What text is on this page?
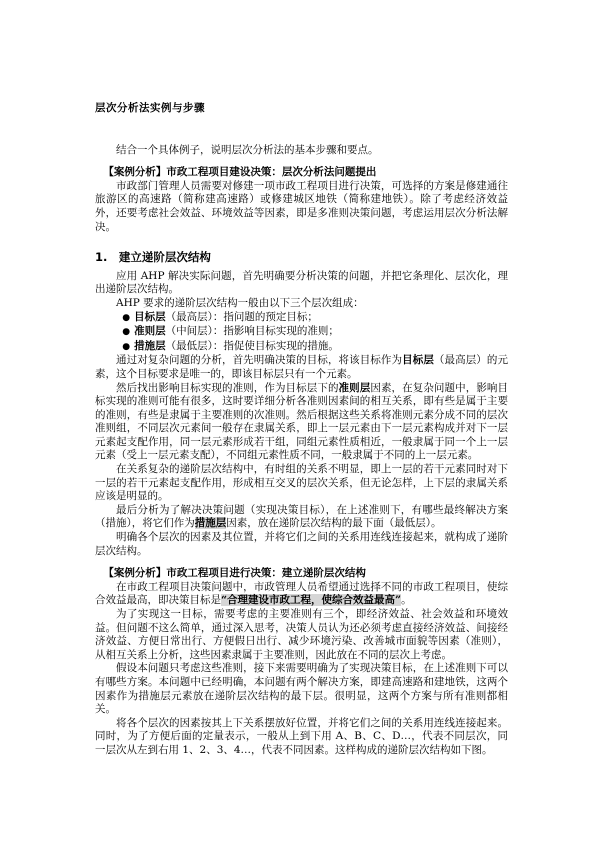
层次分析法实例与步骤
结合一个具体例子，说明层次分析法的基本步骤和要点。
【案例分析】市政工程项目建设决策：层次分析法问题提出
市政部门管理人员需要对修建一项市政工程项目进行决策，可选择的方案是修建通往旅游区的高速路（简称建高速路）或修建城区地铁（简称建地铁）。除了考虑经济效益外，还要考虑社会效益、环境效益等因素，即是多准则决策问题，考虑运用层次分析法解决。
1.　建立递阶层次结构
应用 AHP 解决实际问题，首先明确要分析决策的问题，并把它条理化、层次化，理出递阶层次结构。
AHP 要求的递阶层次结构一般由以下三个层次组成：
● 目标层（最高层）：指问题的预定目标；
● 准则层（中间层）：指影响目标实现的准则；
● 措施层（最低层）：指促使目标实现的措施。
通过对复杂问题的分析，首先明确决策的目标，将该目标作为目标层（最高层）的元素，这个目标要求是唯一的，即该目标层只有一个元素。
然后找出影响目标实现的准则，作为目标层下的准则层因素，在复杂问题中，影响目标实现的准则可能有很多，这时要详细分析各准则因素间的相互关系，即有些是属于主要的准则，有些是隶属于主要准则的次准则。然后根据这些关系将准则元素分成不同的层次准则组，不同层次元素间一般存在隶属关系，即上一层元素由下一层元素构成并对下一层元素起支配作用，同一层元素形成若干组，同组元素性质相近，一般隶属于同一个上一层元素（受上一层元素支配），不同组元素性质不同，一般隶属于不同的上一层元素。
在关系复杂的递阶层次结构中，有时组的关系不明显，即上一层的若干元素同时对下一层的若干元素起支配作用，形成相互交叉的层次关系，但无论怎样，上下层的隶属关系应该是明显的。
最后分析为了解决决策问题（实现决策目标），在上述准则下，有哪些最终解决方案（措施），将它们作为措施层因素，放在递阶层次结构的最下面（最低层）。
明确各个层次的因素及其位置，并将它们之间的关系用连线连接起来，就构成了递阶层次结构。
【案例分析】市政工程项目进行决策：建立递阶层次结构
在市政工程项目决策问题中，市政管理人员希望通过选择不同的市政工程项目，使综合效益最高，即决策目标是“合理建设市政工程，使综合效益最高”。
为了实现这一目标，需要考虑的主要准则有三个，即经济效益、社会效益和环境效益。但问题不这么简单，通过深入思考，决策人员认为还必须考虑直接经济效益、间接经济效益、方便日常出行、方便假日出行、减少环境污染、改善城市面貌等因素（准则），从相互关系上分析，这些因素隶属于主要准则，因此放在不同的层次上考虑。
假设本问题只考虑这些准则，接下来需要明确为了实现决策目标，在上述准则下可以有哪些方案。本问题中已经明确，本问题有两个解决方案，即建高速路和建地铁，这两个因素作为措施层元素放在递阶层次结构的最下层。很明显，这两个方案与所有准则都相关。
将各个层次的因素按其上下关系摆放好位置，并将它们之间的关系用连线连接起来。同时，为了方便后面的定量表示，一般从上到下用 A、B、C、D…，代表不同层次，同一层次从左到右用 1、2、3、4…，代表不同因素。这样构成的递阶层次结构如下图。
